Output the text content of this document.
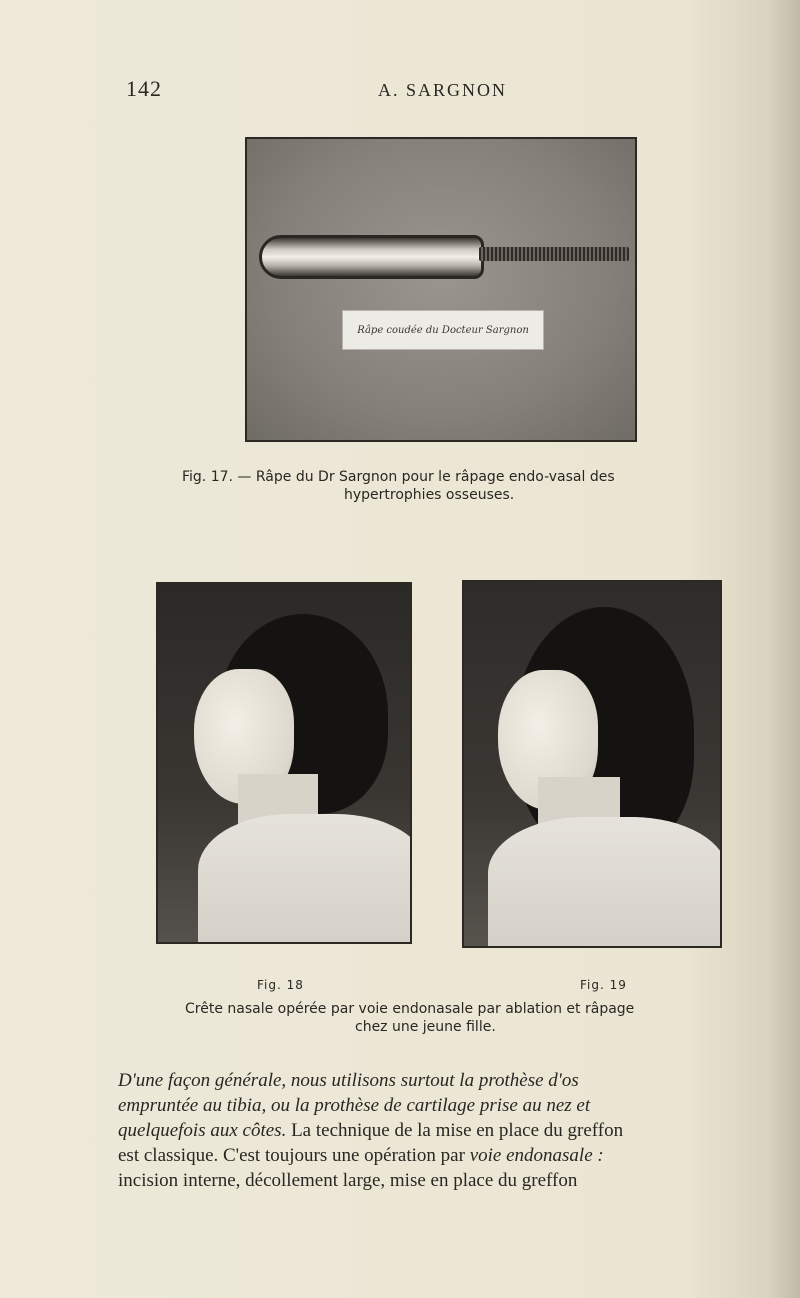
142	A. SARGNON
Râpe coudée du Docteur Sargnon
Fig. 17. — Râpe du Dr Sargnon pour le râpage endo-vasal des
hypertrophies osseuses.
Fig. 18	Fig. 19
Crête nasale opérée par voie endonasale par ablation et râpage
chez une jeune fille.
D'une façon générale, nous utilisons surtout la prothèse d'os
empruntée au tibia, ou la prothèse de cartilage prise au nez et
quelquefois aux côtes. La technique de la mise en place du greffon
est classique. C'est toujours une opération par voie endonasale :
incision interne, décollement large, mise en place du greffon
